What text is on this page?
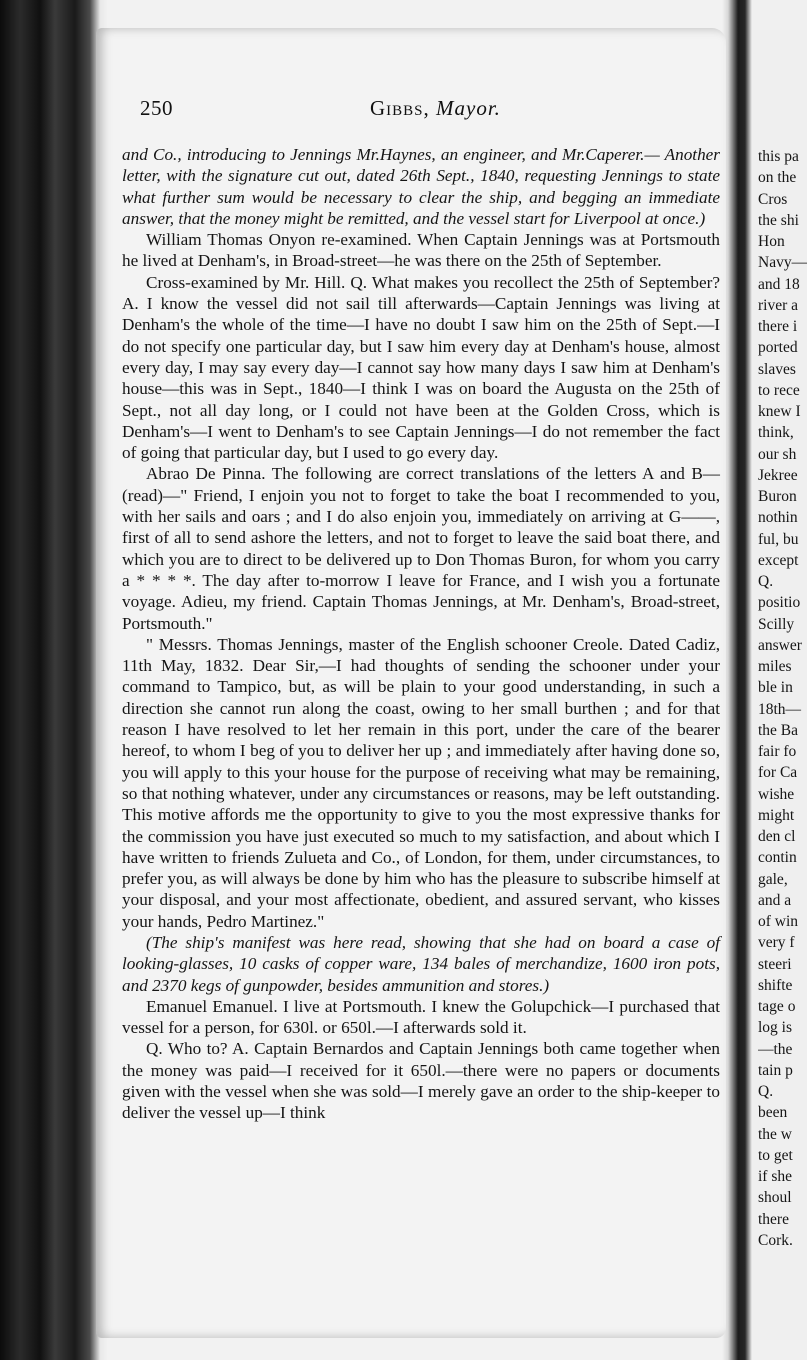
250	Gibbs, Mayor.

and Co., introducing to Jennings Mr.Haynes, an engineer, and Mr.Caperer.— Another letter, with the signature cut out, dated 26th Sept., 1840, requesting Jennings to state what further sum would be necessary to clear the ship, and begging an immediate answer, that the money might be remitted, and the vessel start for Liverpool at once.)

William Thomas Onyon re-examined. When Captain Jennings was at Portsmouth he lived at Denham's, in Broad-street—he was there on the 25th of September.

Cross-examined by Mr. Hill. Q. What makes you recollect the 25th of September? A. I know the vessel did not sail till afterwards—Captain Jennings was living at Denham's the whole of the time—I have no doubt I saw him on the 25th of Sept.—I do not specify one particular day, but I saw him every day at Denham's house, almost every day, I may say every day—I cannot say how many days I saw him at Denham's house—this was in Sept., 1840—I think I was on board the Augusta on the 25th of Sept., not all day long, or I could not have been at the Golden Cross, which is Denham's—I went to Denham's to see Captain Jennings—I do not remember the fact of going that particular day, but I used to go every day.

Abrao De Pinna. The following are correct translations of the letters A and B—(read)—" Friend, I enjoin you not to forget to take the boat I recommended to you, with her sails and oars ; and I do also enjoin you, immediately on arriving at G——, first of all to send ashore the letters, and not to forget to leave the said boat there, and which you are to direct to be delivered up to Don Thomas Buron, for whom you carry a * * * *. The day after to-morrow I leave for France, and I wish you a fortunate voyage. Adieu, my friend. Captain Thomas Jennings, at Mr. Denham's, Broad-street, Portsmouth."

" Messrs. Thomas Jennings, master of the English schooner Creole. Dated Cadiz, 11th May, 1832. Dear Sir,—I had thoughts of sending the schooner under your command to Tampico, but, as will be plain to your good understanding, in such a direction she cannot run along the coast, owing to her small burthen ; and for that reason I have resolved to let her remain in this port, under the care of the bearer hereof, to whom I beg of you to deliver her up ; and immediately after having done so, you will apply to this your house for the purpose of receiving what may be remaining, so that nothing whatever, under any circumstances or reasons, may be left outstanding. This motive affords me the opportunity to give to you the most expressive thanks for the commission you have just executed so much to my satisfaction, and about which I have written to friends Zulueta and Co., of London, for them, under circumstances, to prefer you, as will always be done by him who has the pleasure to subscribe himself at your disposal, and your most affectionate, obedient, and assured servant, who kisses your hands, Pedro Martinez."

(The ship's manifest was here read, showing that she had on board a case of looking-glasses, 10 casks of copper ware, 134 bales of merchandize, 1600 iron pots, and 2370 kegs of gunpowder, besides ammunition and stores.)

Emanuel Emanuel. I live at Portsmouth. I knew the Golupchick—I purchased that vessel for a person, for 630l. or 650l.—I afterwards sold it.

Q. Who to? A. Captain Bernardos and Captain Jennings both came together when the money was paid—I received for it 650l.—there were no papers or documents given with the vessel when she was sold—I merely gave an order to the ship-keeper to deliver the vessel up—I think

this pa
on the
Cros
the shi
Hon
Navy—
and 18
river a
there i
ported
slaves
to rece
knew I
think,
our sh
Jekree
Buron
nothin
ful, bu
except
Q.
positio
Scilly
answer
miles
ble in
18th—
the Ba
fair fo
for Ca
wishe
might
den cl
contin
gale,
and a
of win
very f
steeri
shifte
tage o
log is
—the
tain p
Q.
been
the w
to get
if she
shoul
there
Cork.
